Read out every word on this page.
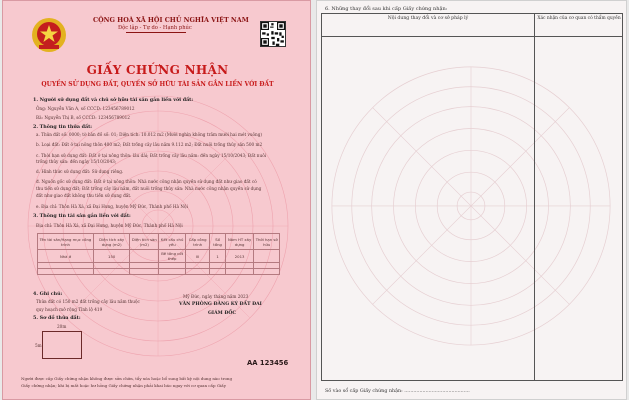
CỘNG HOÀ XÃ HỘI CHỦ NGHĨA VIỆT NAM
Độc lập - Tự do - Hạnh phúc
GIẤY CHỨNG NHẬN
QUYỀN SỬ DỤNG ĐẤT, QUYỀN SỞ HỮU TÀI SẢN GẮN LIỀN VỚI ĐẤT
1. Người sử dụng đất và chủ sở hữu tài sản gắn liền với đất:
Ông: Nguyễn Văn A, số CCCD: 123456789012
Bà: Nguyễn Thị B, số CCCD: 123456789012
2. Thông tin thửa đất:
a. Thửa đất số: 0000; tờ bản đồ số: 01; Diện tích: 10.012 m2 (Mười nghìn không trăm mười hai mét vuông)
b. Loại đất: Đất ở tại nông thôn 400 m2; Đất trồng cây lâu năm 9.112 m2; Đất nuôi trồng thủy sản 500 m2
c. Thời hạn sử dụng đất: Đất ở tại nông thôn: lâu dài; Đất trồng cây lâu năm: đến ngày 15/10/2043; Đất nuôi
trồng thủy sản: đến ngày 15/10/2043;
d. Hình thức sử dụng đất: Sử dụng riêng.
đ. Nguồn gốc sử dụng đất: Đất ở tại nông thôn: Nhà nước công nhận quyền sử dụng đất như giao đất có
thu tiền sử dụng đất; Đất trồng cây lâu năm, đất nuôi trồng thủy sản: Nhà nước công nhận quyền sử dụng
đất như giao đất không thu tiền sử dụng đất.
e. Địa chỉ: Thôn Hà Xá, xã Đại Hưng, huyện Mỹ Đức, Thành phố Hà Nội
3. Thông tin tài sản gắn liền với đất:
Địa chỉ: Thôn Hà Xá, xã Đại Hưng, huyện Mỹ Đức, Thành phố Hà Nội
Tên tài sản/Hạng mục công trình	Diện tích xây dựng (m2)	Diện tích sàn (m2)	Kết cấu chủ yếu	Cấp công trình	Số tầng	Năm HT xây dựng	Thời hạn sở hữu
Nhà ở	150		Bê tông cốt thép	III	1	2013	

4. Ghi chú:
Thửa đất có 150 m2 đất trồng cây lâu năm thuộc
quy hoạch mở rộng Tỉnh lộ 419
5. Sơ đồ thửa đất:
20m
5m
Mỹ Đức, ngày tháng năm 2023
VĂN PHÒNG ĐĂNG KÝ ĐẤT ĐAI
GIÁM ĐỐC
AA 123456
Người được cấp Giấy chứng nhận không được sửa chữa, tẩy xóa hoặc bổ sung bất kỳ nội dung nào trong
Giấy chứng nhận; khi bị mất hoặc hư hỏng Giấy chứng nhận phải khai báo ngay với cơ quan cấp Giấy
6. Những thay đổi sau khi cấp Giấy chứng nhận:
Nội dung thay đổi và cơ sở pháp lý	Xác nhận của cơ quan có thẩm quyền
Số vào sổ cấp Giấy chứng nhận: ...........................................
